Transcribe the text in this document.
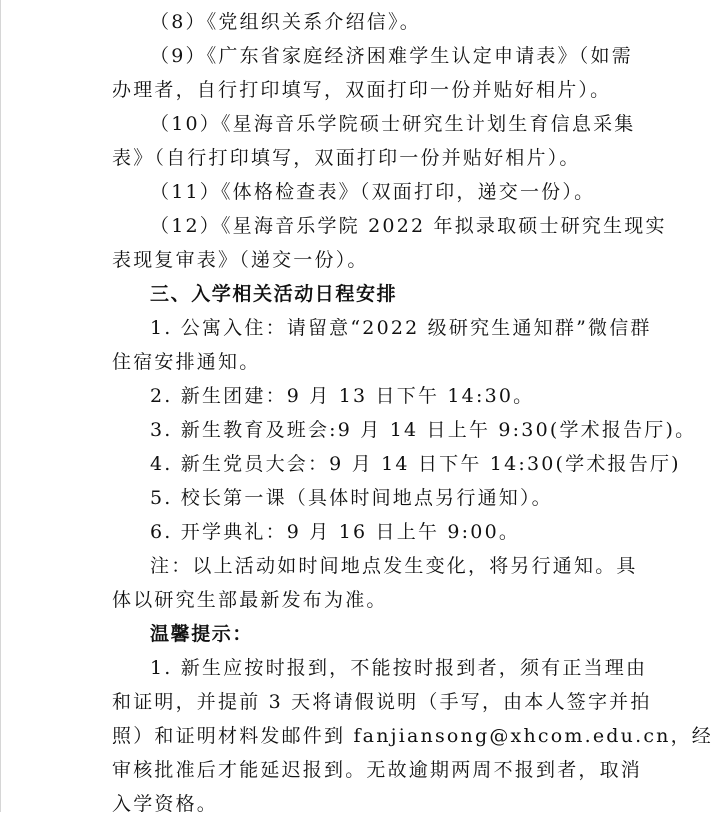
（8）《党组织关系介绍信》。
（9）《广东省家庭经济困难学生认定申请表》（如需
办理者，自行打印填写，双面打印一份并贴好相片）。
（10）《星海音乐学院硕士研究生计划生育信息采集
表》（自行打印填写，双面打印一份并贴好相片）。
（11）《体格检查表》（双面打印，递交一份）。
（12）《星海音乐学院 2022 年拟录取硕士研究生现实
表现复审表》（递交一份）。
三、入学相关活动日程安排
1. 公寓入住：请留意“2022 级研究生通知群”微信群
住宿安排通知。
2. 新生团建：9 月 13 日下午 14:30。
3. 新生教育及班会:9 月 14 日上午 9:30(学术报告厅)。
4. 新生党员大会：9 月 14 日下午 14:30(学术报告厅)
5. 校长第一课（具体时间地点另行通知）。
6. 开学典礼：9 月 16 日上午 9:00。
注：以上活动如时间地点发生变化，将另行通知。具
体以研究生部最新发布为准。
温馨提示：
1. 新生应按时报到，不能按时报到者，须有正当理由
和证明，并提前 3 天将请假说明（手写，由本人签字并拍
照）和证明材料发邮件到 fanjiansong@xhcom.edu.cn，经
审核批准后才能延迟报到。无故逾期两周不报到者，取消
入学资格。
